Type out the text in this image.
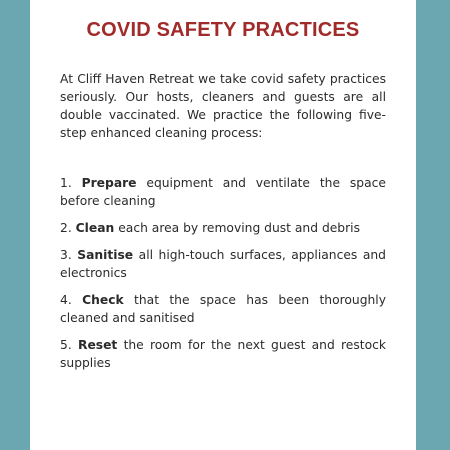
COVID SAFETY PRACTICES

At Cliff Haven Retreat we take covid safety practices seriously. Our hosts, cleaners and guests are all double vaccinated. We practice the following five-step enhanced cleaning process:

1. Prepare equipment and ventilate the space before cleaning
2. Clean each area by removing dust and debris
3. Sanitise all high-touch surfaces, appliances and electronics
4. Check that the space has been thoroughly cleaned and sanitised
5. Reset the room for the next guest and restock supplies
